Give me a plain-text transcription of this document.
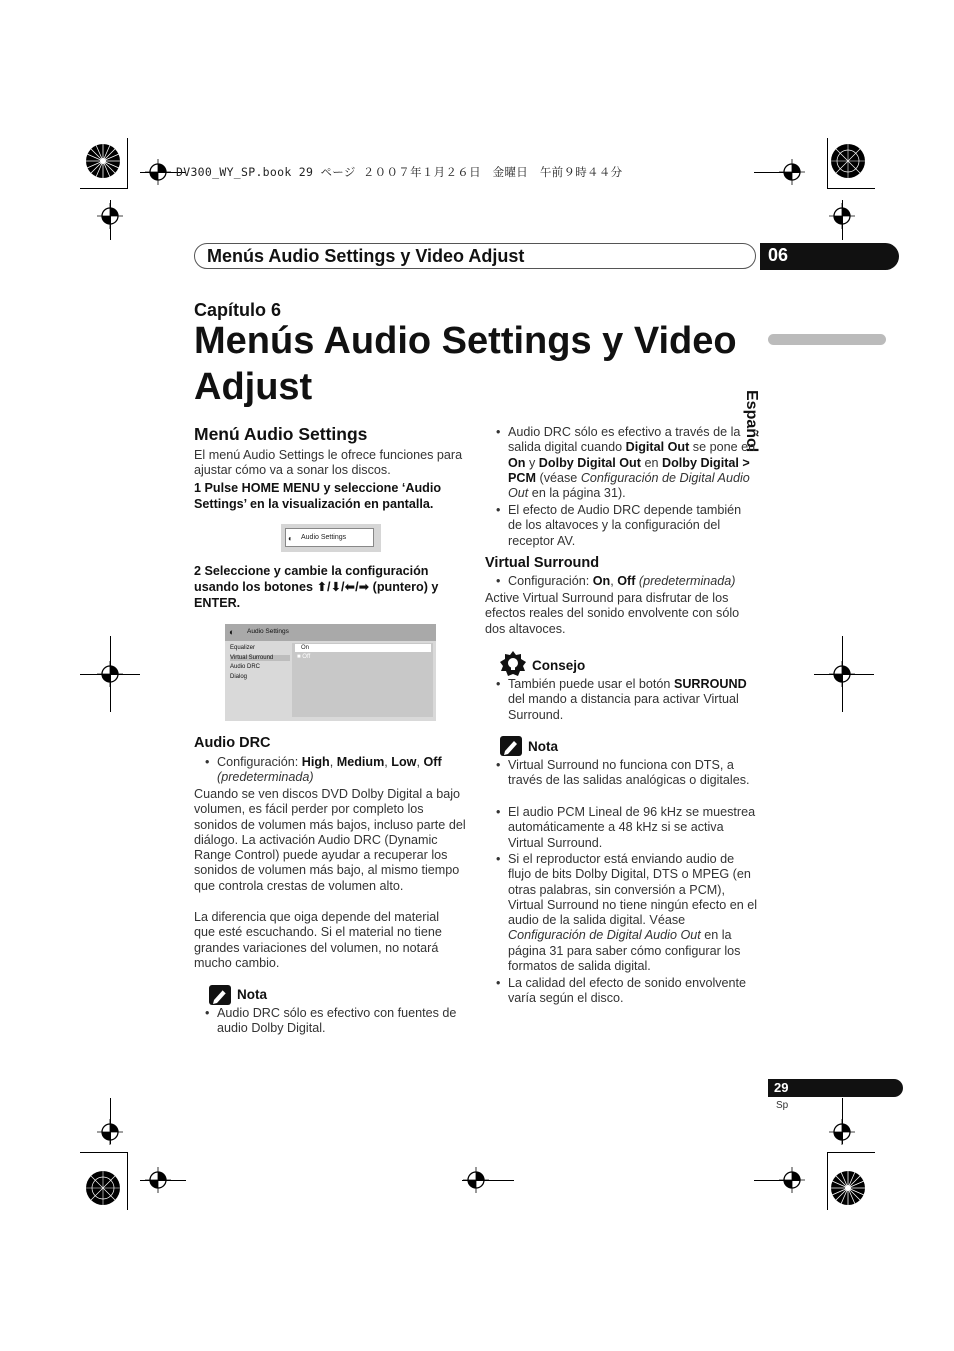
DV300_WY_SP.book 29 ページ ２００７年１月２６日　金曜日　午前９時４４分
Menús Audio Settings y Video Adjust	06
Español
Capítulo 6
Menús Audio Settings y Video Adjust
Menú Audio Settings
El menú Audio Settings le ofrece funciones para ajustar cómo va a sonar los discos.
1 Pulse HOME MENU y seleccione ‘Audio Settings’ en la visualización en pantalla.
◐ Audio Settings
2 Seleccione y cambie la configuración usando los botones ⬆/⬇/⬅/➡ (puntero) y ENTER.
◐ Audio Settings
Equalizer
Virtual Surround
Audio DRC
Dialog
On
■ Off
Audio DRC
• Configuración: High, Medium, Low, Off
(predeterminada)
Cuando se ven discos DVD Dolby Digital a bajo volumen, es fácil perder por completo los sonidos de volumen más bajos, incluso parte del diálogo. La activación Audio DRC (Dynamic Range Control) puede ayudar a recuperar los sonidos de volumen más bajo, al mismo tiempo que controla crestas de volumen alto.
La diferencia que oiga depende del material que esté escuchando. Si el material no tiene grandes variaciones del volumen, no notará mucho cambio.
Nota
• Audio DRC sólo es efectivo con fuentes de audio Dolby Digital.
• Audio DRC sólo es efectivo a través de la salida digital cuando Digital Out se pone en On y Dolby Digital Out en Dolby Digital > PCM (véase Configuración de Digital Audio Out en la página 31).
• El efecto de Audio DRC depende también de los altavoces y la configuración del receptor AV.
Virtual Surround
• Configuración: On, Off (predeterminada)
Active Virtual Surround para disfrutar de los efectos reales del sonido envolvente con sólo dos altavoces.
Consejo
• También puede usar el botón SURROUND del mando a distancia para activar Virtual Surround.
Nota
• Virtual Surround no funciona con DTS, a través de las salidas analógicas o digitales.
• El audio PCM Lineal de 96 kHz se muestrea automáticamente a 48 kHz si se activa Virtual Surround.
• Si el reproductor está enviando audio de flujo de bits Dolby Digital, DTS o MPEG (en otras palabras, sin conversión a PCM), Virtual Surround no tiene ningún efecto en el audio de la salida digital. Véase Configuración de Digital Audio Out en la página 31 para saber cómo configurar los formatos de salida digital.
• La calidad del efecto de sonido envolvente varía según el disco.
29
Sp
